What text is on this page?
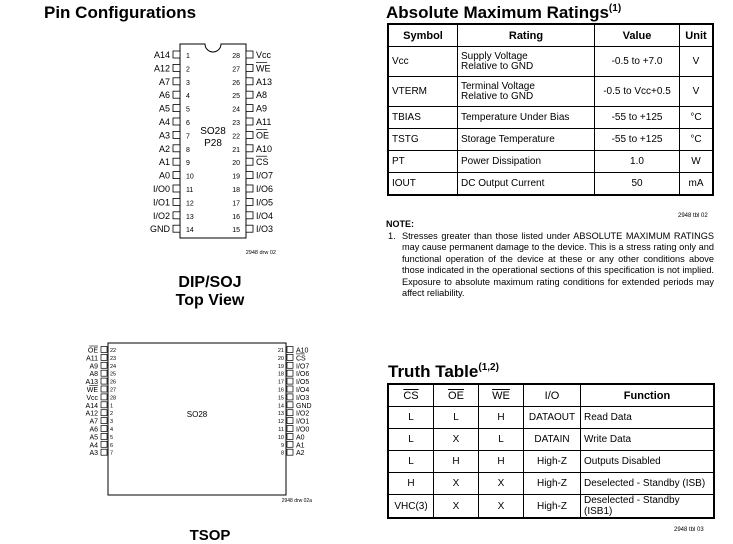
Pin Configurations	Absolute Maximum Ratings$^{(1)}$
SO28
P28
1
A14
2
A12
3
A7
4
A6
5
A5
6
A4
7
A3
8
A2
9
A1
10
A0
11
I/O0
12
I/O1
13
I/O2
14
GND
28 Vcc
27 WE
26 A13
25 A8
24 A9
23 A11
22 OE
21 A10
20 CS
19 I/O7
18 I/O6
17 I/O5
16 I/O4
15 I/O3
2948 drw 02
DIP/SOJ
Top View
SO28
22
OE
23
A11
24
A9
25
A8
26
A13
27
WE
28
Vcc
1
A14
2
A12
3
A7
4
A6
5
A5
6
A4
7
A3
21 A10
20 CS
19 I/O7
18 I/O6
17 I/O5
16 I/O4
15 I/O3
14 GND
13 I/O2
12 I/O1
11 I/O0
10 A0
9 A1
8 A2
2948 drw 02a
TSOP
Symbol	Rating	Value	Unit
Vcc	Supply Voltage
Relative to GND	-0.5 to +7.0	V
VTERM	Terminal Voltage
Relative to GND	-0.5 to Vcc+0.5	V
TBIAS	Temperature Under Bias	-55 to +125	°C
TSTG	Storage Temperature	-55 to +125	°C
PT	Power Dissipation	1.0	W
IOUT	DC Output Current	50	mA
2948 tbl 02
NOTE:
1. Stresses greater than those listed under ABSOLUTE MAXIMUM RATINGS may cause permanent damage to the device. This is a stress rating only and functional operation of the device at these or any other conditions above those indicated in the operational sections of this specification is not implied. Exposure to absolute maximum rating conditions for extended periods may affect reliability.

Truth Table$^{(1,2)}$
$\overline{CS}$	$\overline{OE}$	$\overline{WE}$	I/O	Function
L	L	H	DATAOUT	Read Data
L	X	L	DATAIN	Write Data
L	H	H	High-Z	Outputs Disabled
H	X	X	High-Z	Deselected - Standby (ISB)
VHC(3)	X	X	High-Z	Deselected - Standby (ISB1)
2948 tbl 03
